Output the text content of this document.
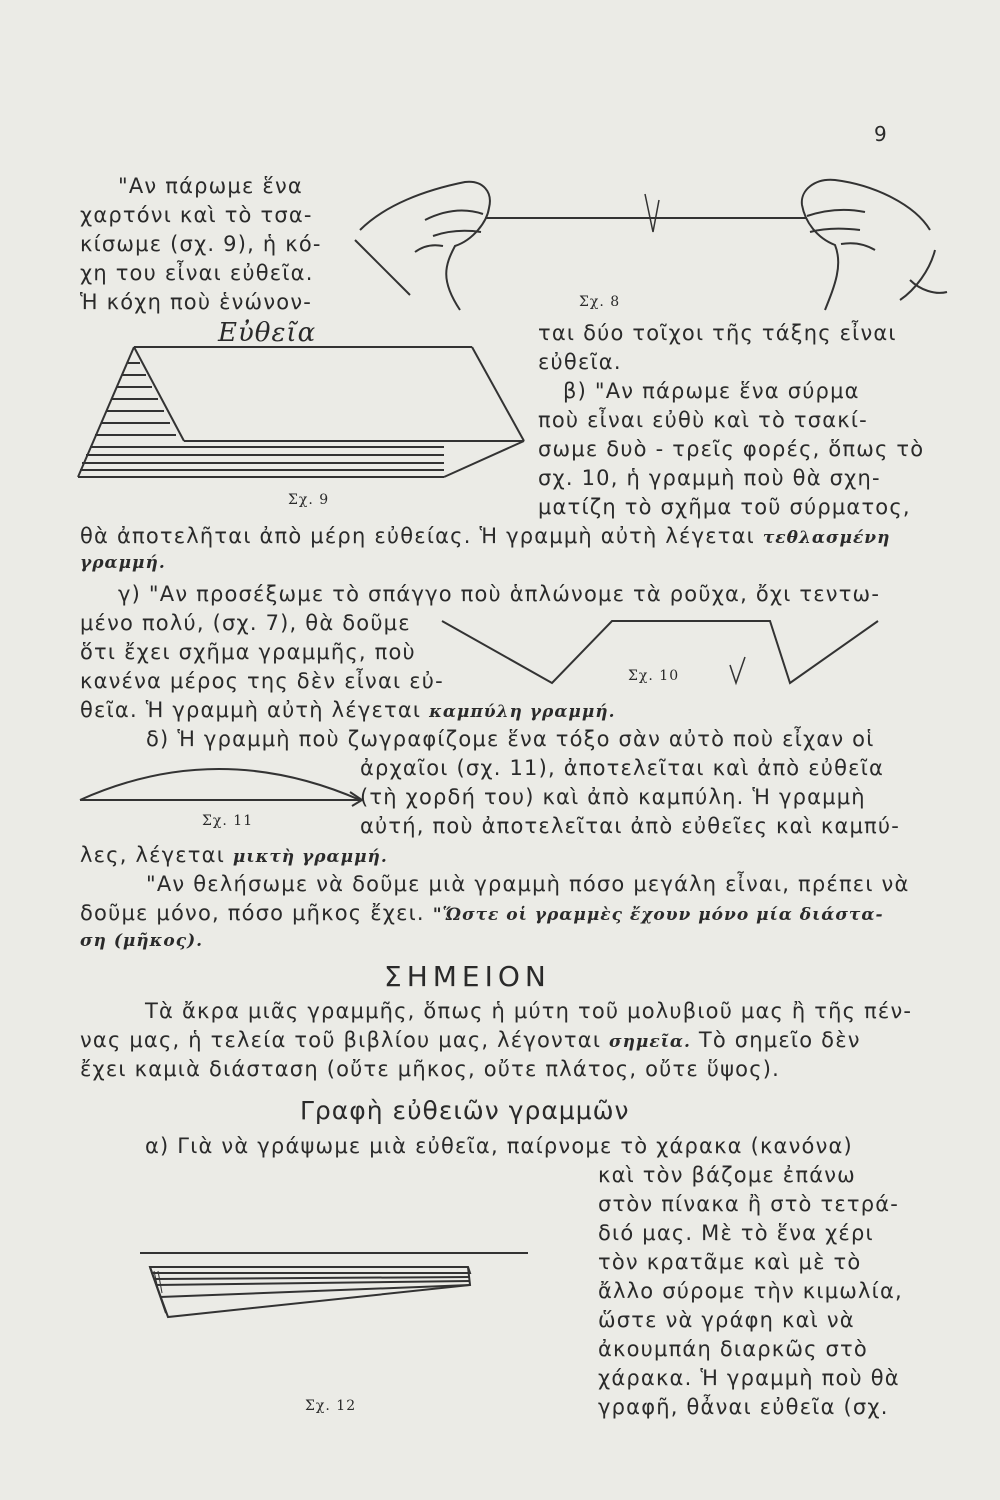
9
"Αν πάρωμε ἕνα
χαρτόνι καὶ τὸ τσα-
κίσωμε (σχ. 9), ἡ κό-
χη του εἶναι εὐθεῖα.
Ἡ κόχη ποὺ ἑνώνον-	Σχ. 8
Εὐθεῖα
Σχ. 9
ται δύο τοῖχοι τῆς τάξης εἶναι
εὐθεῖα.
β) "Αν πάρωμε ἕνα σύρμα
ποὺ εἶναι εὐθὺ καὶ τὸ τσακί-
σωμε δυὸ - τρεῖς φορές, ὅπως τὸ
σχ. 10, ἡ γραμμὴ ποὺ θὰ σχη-
ματίζη τὸ σχῆμα τοῦ σύρματος,
θὰ ἀποτελῆται ἀπὸ μέρη εὐθείας. Ἡ γραμμὴ αὐτὴ λέγεται τεθλασμένη
γραμμή.
γ) "Αν προσέξωμε τὸ σπάγγο ποὺ ἁπλώνομε τὰ ροῦχα, ὄχι τεντω-
μένο πολύ, (σχ. 7), θὰ δοῦμε
ὅτι ἔχει σχῆμα γραμμῆς, ποὺ
κανένα μέρος της δὲν εἶναι εὐ-	Σχ. 10
θεῖα. Ἡ γραμμὴ αὐτὴ λέγεται καμπύλη γραμμή.
δ) Ἡ γραμμὴ ποὺ ζωγραφίζομε ἕνα τόξο σὰν αὐτὸ ποὺ εἶχαν οἱ
ἀρχαῖοι (σχ. 11), ἀποτελεῖται καὶ ἀπὸ εὐθεῖα
(τὴ χορδή του) καὶ ἀπὸ καμπύλη. Ἡ γραμμὴ
αὐτή, ποὺ ἀποτελεῖται ἀπὸ εὐθεῖες καὶ καμπύ-
Σχ. 11
λες, λέγεται μικτὴ γραμμή.
"Αν θελήσωμε νὰ δοῦμε μιὰ γραμμὴ πόσο μεγάλη εἶναι, πρέπει νὰ
δοῦμε μόνο, πόσο μῆκος ἔχει. "Ὥστε οἱ γραμμὲς ἔχουν μόνο μία διάστα-
ση (μῆκος).
ΣΗΜΕΙΟΝ
Τὰ ἄκρα μιᾶς γραμμῆς, ὅπως ἡ μύτη τοῦ μολυβιοῦ μας ἢ τῆς πέν-
νας μας, ἡ τελεία τοῦ βιβλίου μας, λέγονται σημεῖα. Τὸ σημεῖο δὲν
ἔχει καμιὰ διάσταση (οὔτε μῆκος, οὔτε πλάτος, οὔτε ὕψος).
Γραφὴ εὐθειῶν γραμμῶν
α) Γιὰ νὰ γράψωμε μιὰ εὐθεῖα, παίρνομε τὸ χάρακα (κανόνα)
καὶ τὸν βάζομε ἐπάνω
στὸν πίνακα ἢ στὸ τετρά-
διό μας. Μὲ τὸ ἕνα χέρι
τὸν κρατᾶμε καὶ μὲ τὸ
ἄλλο σύρομε τὴν κιμωλία,
ὥστε νὰ γράφη καὶ νὰ
ἀκουμπάη διαρκῶς στὸ
χάρακα. Ἡ γραμμὴ ποὺ θὰ
γραφῆ, θἆναι εὐθεῖα (σχ.
Σχ. 12
